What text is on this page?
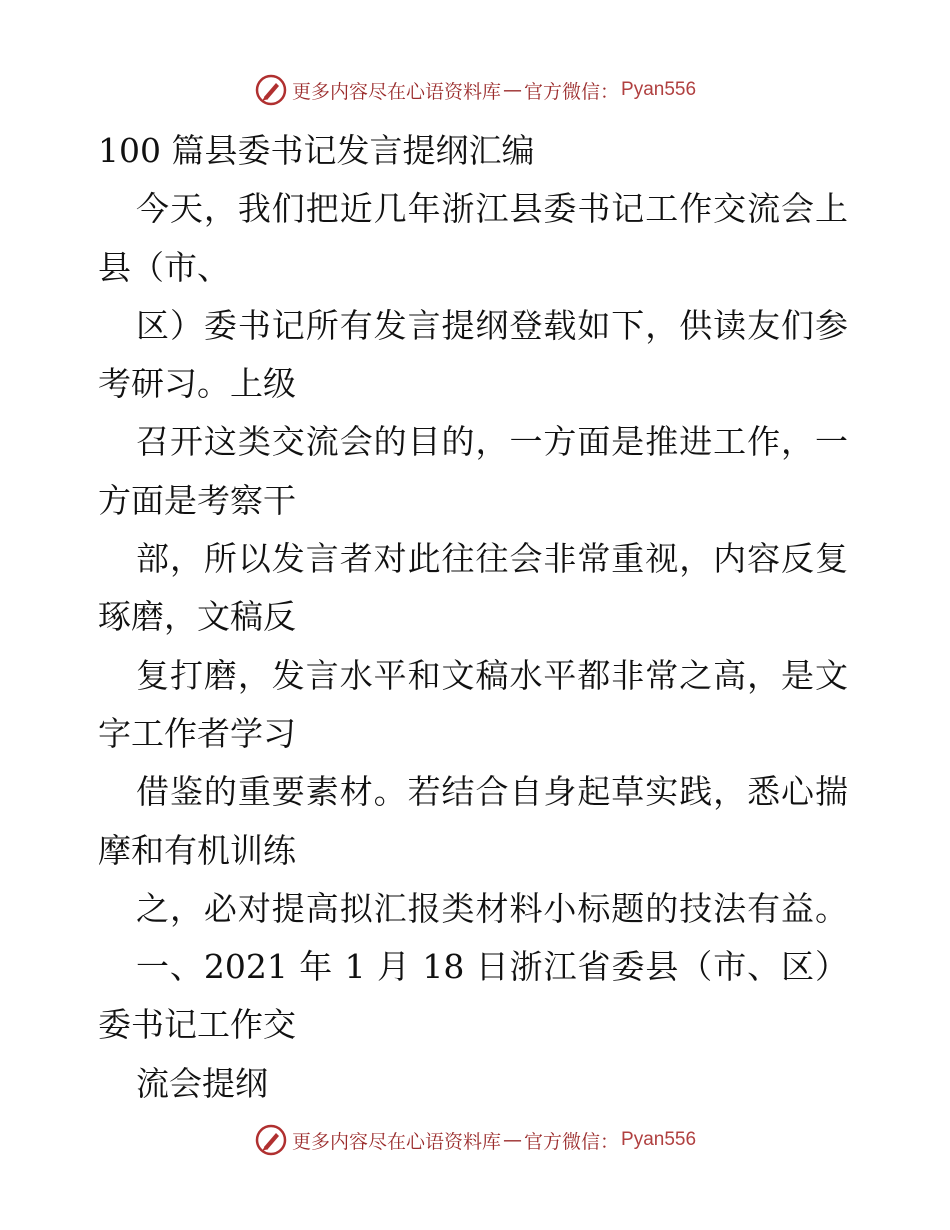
更多内容尽在心语资料库 — 官方微信 ： Pyan556
100 篇县委书记发言提纲汇编
今天，我们把近几年浙江县委书记工作交流会上
县（市、
区）委书记所有发言提纲登载如下，供读友们参
考研习。上级
召开这类交流会的目的，一方面是推进工作，一
方面是考察干
部，所以发言者对此往往会非常重视，内容反复
琢磨，文稿反
复打磨，发言水平和文稿水平都非常之高，是文
字工作者学习
借鉴的重要素材。若结合自身起草实践，悉心揣
摩和有机训练
之，必对提高拟汇报类材料小标题的技法有益。
一、2021 年 1 月 18 日浙江省委县（市、区）
委书记工作交
流会提纲
更多内容尽在心语资料库 — 官方微信 ： Pyan556
